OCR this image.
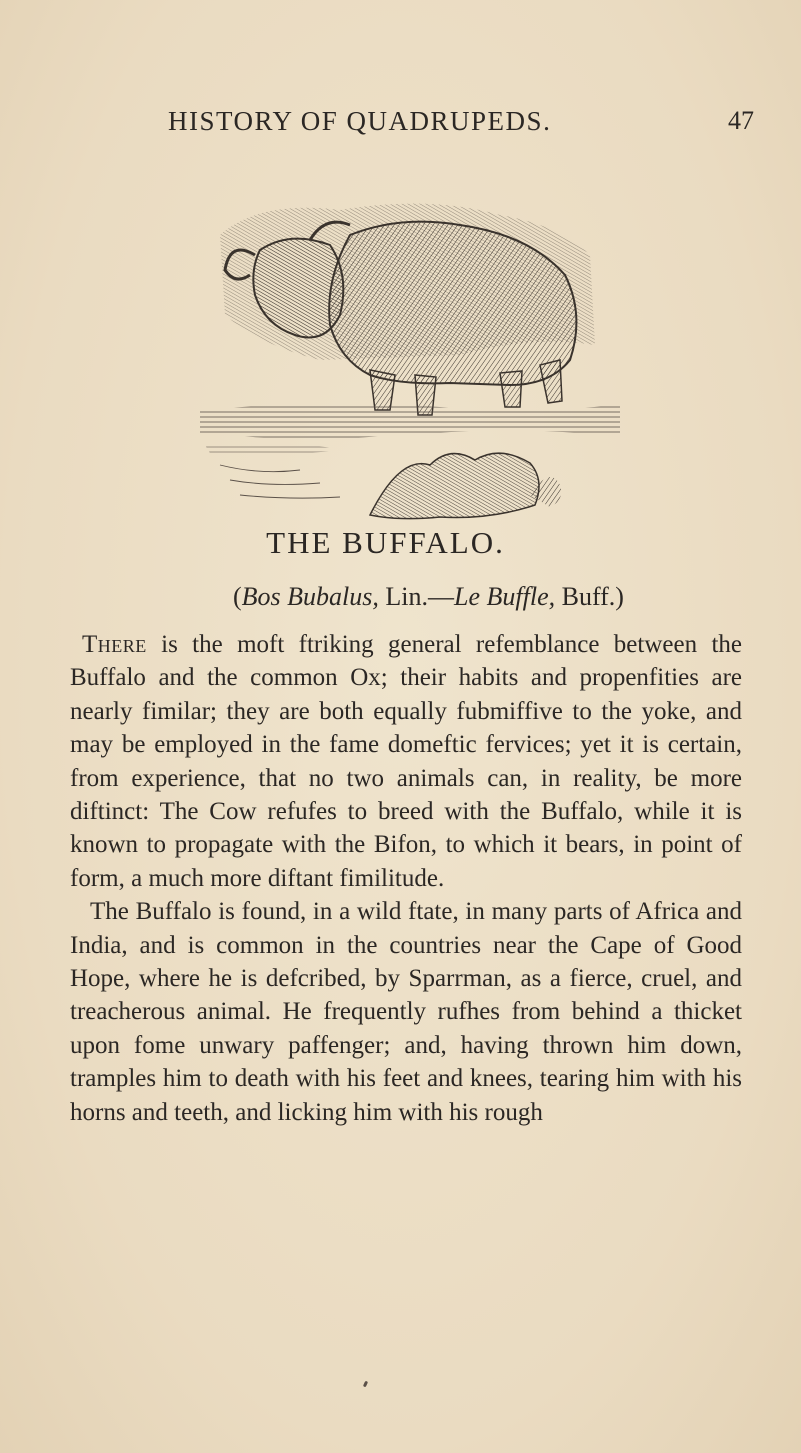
HISTORY OF QUADRUPEDS.	47
THE BUFFALO.
(Bos Bubalus, Lin.—Le Buffle, Buff.)

There is the moft ftriking general refemblance between the Buffalo and the common Ox; their habits and propenfities are nearly fimilar; they are both equally fubmiffive to the yoke, and may be employed in the fame domeftic fervices; yet it is certain, from experience, that no two animals can, in reality, be more diftinct: The Cow refufes to breed with the Buffalo, while it is known to propagate with the Bifon, to which it bears, in point of form, a much more diftant fimilitude.

The Buffalo is found, in a wild ftate, in many parts of Africa and India, and is common in the countries near the Cape of Good Hope, where he is defcribed, by Sparrman, as a fierce, cruel, and treacherous animal. He frequently rufhes from behind a thicket upon fome unwary paffenger; and, having thrown him down, tramples him to death with his feet and knees, tearing him with his horns and teeth, and licking him with his rough
